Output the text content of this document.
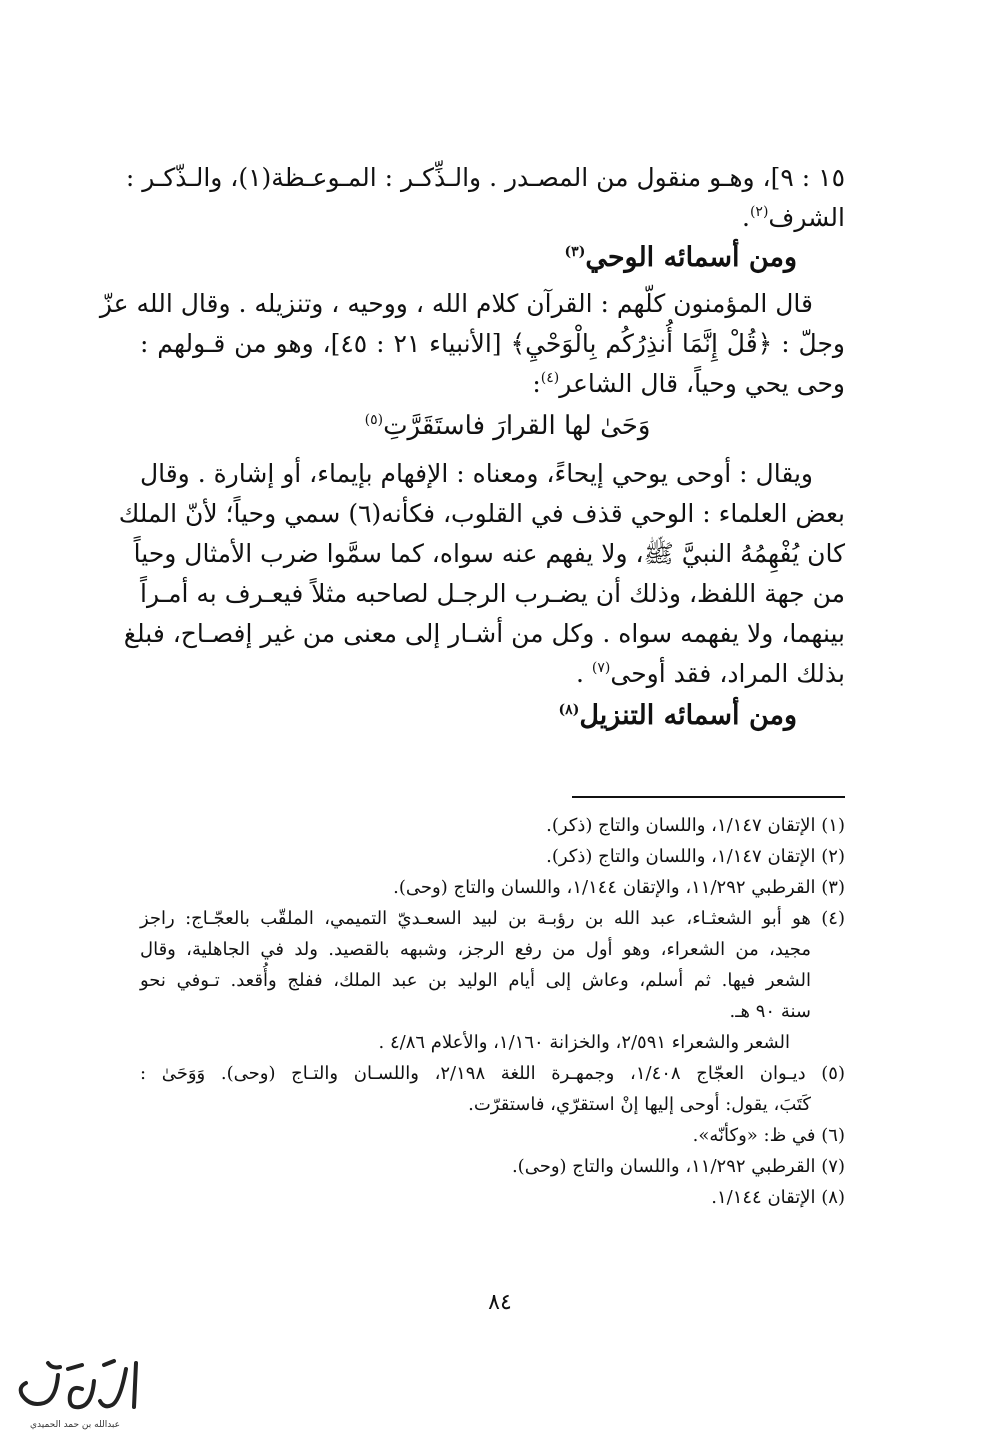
١٥ : ٩]، وهـو منقول من المصـدر . والـذِّكـر : المـوعـظة(١)، والـذّكـر :
الشرف$^{(٢)}$.
ومن أسمائه الوحي$^{(٣)}$
قال المؤمنون كلّهم : القرآن كلام الله ، ووحيه ، وتنزيله . وقال الله عزّ
وجلّ : ﴿قُلْ إِنَّمَا أُنذِرُكُم بِالْوَحْيِ﴾ [الأنبياء ٢١ : ٤٥]، وهو من قـولهم :
وحى يحي وحياً، قال الشاعر$^{(٤)}$:
وَحَىٰ لها القرارَ فاستَقَرَّتِ$^{(٥)}$
ويقال : أوحى يوحي إيحاءً، ومعناه : الإفهام بإيماء، أو إشارة . وقال
بعض العلماء : الوحي قذف في القلوب، فكأنه(٦) سمي وحياً؛ لأنّ الملك
كان يُفْهِمُهُ النبيَّ ﷺ، ولا يفهم عنه سواه، كما سمَّوا ضرب الأمثال وحياً
من جهة اللفظ، وذلك أن يضـرب الرجـل لصاحبه مثلاً فيعـرف به أمـراً
بينهما، ولا يفهمه سواه . وكل من أشـار إلى معنى من غير إفصـاح، فبلغ
بذلك المراد، فقد أوحى$^{(٧)}$ .
ومن أسمائه التنزيل$^{(٨)}$
(١) الإتقان ١/١٤٧، واللسان والتاج (ذكر).
(٢) الإتقان ١/١٤٧، واللسان والتاج (ذكر).
(٣) القرطبي ١١/٢٩٢، والإتقان ١/١٤٤، واللسان والتاج (وحى).
(٤) هو أبو الشعثـاء، عبد الله بن رؤبـة بن لبيد السعـديّ التميمي، الملقّب بالعجّـاج: راجز
مجيد، من الشعراء، وهو أول من رفع الرجز، وشبهه بالقصيد. ولد في الجاهلية، وقال
الشعر فيها. ثم أسلم، وعاش إلى أيام الوليد بن عبد الملك، ففلج وأُقعد. تـوفي نحو
سنة ٩٠ هـ.
الشعر والشعراء ٢/٥٩١، والخزانة ١/١٦٠، والأعلام ٤/٨٦ .
(٥) ديـوان العجّاج ١/٤٠٨، وجمهـرة اللغة ٢/١٩٨، واللسـان والتـاج (وحى). وَوَحَىٰ :
كَتَبَ، يقول: أوحى إليها إنْ استقرّي، فاستقرّت.
(٦) في ظ: «وكأنّه».
(٧) القرطبي ١١/٢٩٢، واللسان والتاج (وحى).
(٨) الإتقان ١/١٤٤.
٨٤
عبدالله بن حمد الحميدي
